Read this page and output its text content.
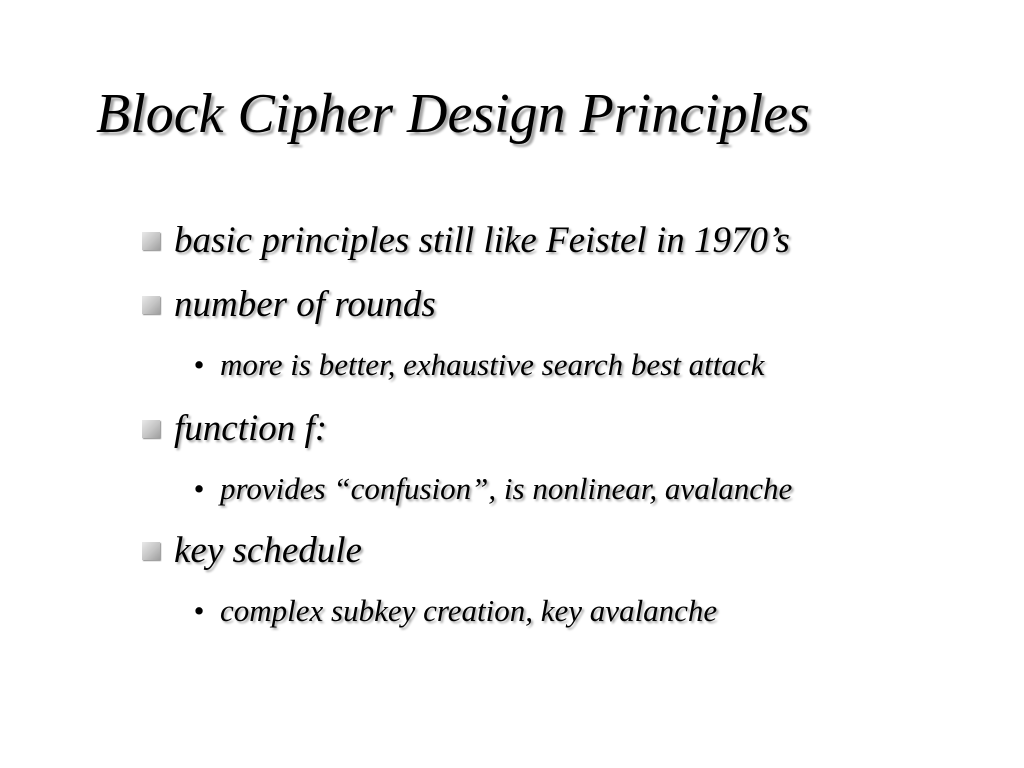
Block Cipher Design Principles
basic principles still like Feistel in 1970’s
number of rounds
• more is better, exhaustive search best attack
function f:
• provides “confusion”, is nonlinear, avalanche
key schedule
• complex subkey creation, key avalanche
